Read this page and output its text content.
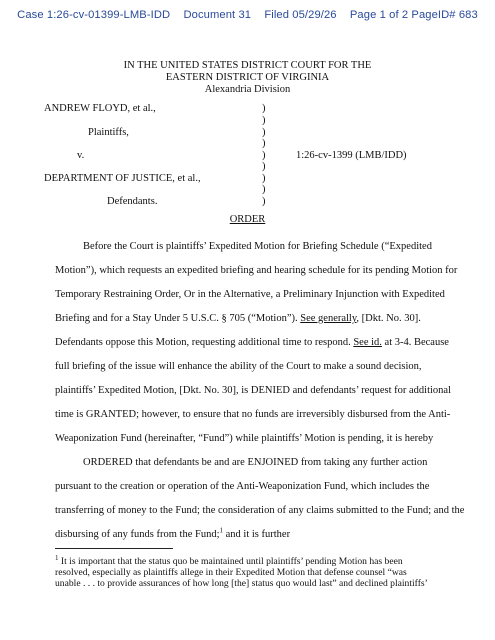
Case 1:26-cv-01399-LMB-IDD Document 31 Filed 05/29/26 Page 1 of 2 PageID# 683
IN THE UNITED STATES DISTRICT COURT FOR THE
EASTERN DISTRICT OF VIRGINIA
Alexandria Division
ANDREW FLOYD, et al.,
Plaintiffs,
v.
DEPARTMENT OF JUSTICE, et al.,
Defendants.
)
)
)
)
)
)
)
)
)
1:26-cv-1399 (LMB/IDD)
ORDER
Before the Court is plaintiffs’ Expedited Motion for Briefing Schedule (“Expedited
Motion”), which requests an expedited briefing and hearing schedule for its pending Motion for
Temporary Restraining Order, Or in the Alternative, a Preliminary Injunction with Expedited
Briefing and for a Stay Under 5 U.S.C. § 705 (“Motion”). See generally, [Dkt. No. 30].
Defendants oppose this Motion, requesting additional time to respond. See id. at 3-4. Because
full briefing of the issue will enhance the ability of the Court to make a sound decision,
plaintiffs’ Expedited Motion, [Dkt. No. 30], is DENIED and defendants’ request for additional
time is GRANTED; however, to ensure that no funds are irreversibly disbursed from the Anti-
Weaponization Fund (hereinafter, “Fund”) while plaintiffs’ Motion is pending, it is hereby
ORDERED that defendants be and are ENJOINED from taking any further action
pursuant to the creation or operation of the Anti-Weaponization Fund, which includes the
transferring of money to the Fund; the consideration of any claims submitted to the Fund; and the
disbursing of any funds from the Fund;$^1$ and it is further
$^1$ It is important that the status quo be maintained until plaintiffs’ pending Motion has been
resolved, especially as plaintiffs allege in their Expedited Motion that defense counsel “was
unable . . . to provide assurances of how long [the] status quo would last” and declined plaintiffs’
